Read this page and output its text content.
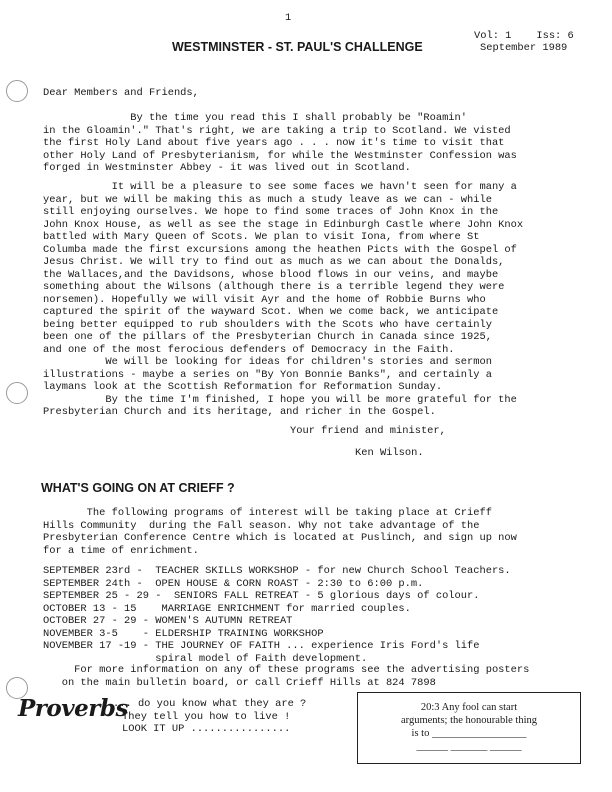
1
WESTMINSTER - ST. PAUL'S CHALLENGE
Vol: 1    Iss: 6
September 1989
Dear Members and Friends,
By the time you read this I shall probably be "Roamin'
in the Gloamin'." That's right, we are taking a trip to Scotland. We visted
the first Holy Land about five years ago . . . now it's time to visit that
other Holy Land of Presbyterianism, for while the Westminster Confession was
forged in Westminster Abbey - it was lived out in Scotland.
It will be a pleasure to see some faces we havn't seen for many a
year, but we will be making this as much a study leave as we can - while
still enjoying ourselves. We hope to find some traces of John Knox in the
John Knox House, as well as see the stage in Edinburgh Castle where John Knox
battled with Mary Queen of Scots. We plan to visit Iona, from where St
Columba made the first excursions among the heathen Picts with the Gospel of
Jesus Christ. We will try to find out as much as we can about the Donalds,
the Wallaces,and the Davidsons, whose blood flows in our veins, and maybe
something about the Wilsons (although there is a terrible legend they were
norsemen). Hopefully we will visit Ayr and the home of Robbie Burns who
captured the spirit of the wayward Scot. When we come back, we anticipate
being better equipped to rub shoulders with the Scots who have certainly
been one of the pillars of the Presbyterian Church in Canada since 1925,
and one of the most ferocious defenders of Democracy in the Faith.
We will be looking for ideas for children's stories and sermon
illustrations - maybe a series on "By Yon Bonnie Banks", and certainly a
laymans look at the Scottish Reformation for Reformation Sunday.
By the time I'm finished, I hope you will be more grateful for the
Presbyterian Church and its heritage, and richer in the Gospel.
Your friend and minister,
Ken Wilson.
WHAT'S GOING ON AT CRIEFF ?
The following programs of interest will be taking place at Crieff
Hills Community  during the Fall season. Why not take advantage of the
Presbyterian Conference Centre which is located at Puslinch, and sign up now
for a time of enrichment.
SEPTEMBER 23rd -  TEACHER SKILLS WORKSHOP - for new Church School Teachers.
SEPTEMBER 24th -  OPEN HOUSE & CORN ROAST - 2:30 to 6:00 p.m.
SEPTEMBER 25 - 29 -  SENIORS FALL RETREAT - 5 glorious days of colour.
OCTOBER 13 - 15    MARRIAGE ENRICHMENT for married couples.
OCTOBER 27 - 29 - WOMEN'S AUTUMN RETREAT
NOVEMBER 3-5    - ELDERSHIP TRAINING WORKSHOP
NOVEMBER 17 -19 - THE JOURNEY OF FAITH ... experience Iris Ford's life
spiral model of Faith development.
For more information on any of these programs see the advertising posters
on the main bulletin board, or call Crieff Hills at 824 7898
Proverbs
... do you know what they are ?
They tell you how to live !
LOOK IT UP ................
20:3 Any fool can start
arguments; the honourable thing
is to __________________
______ _______ ______
